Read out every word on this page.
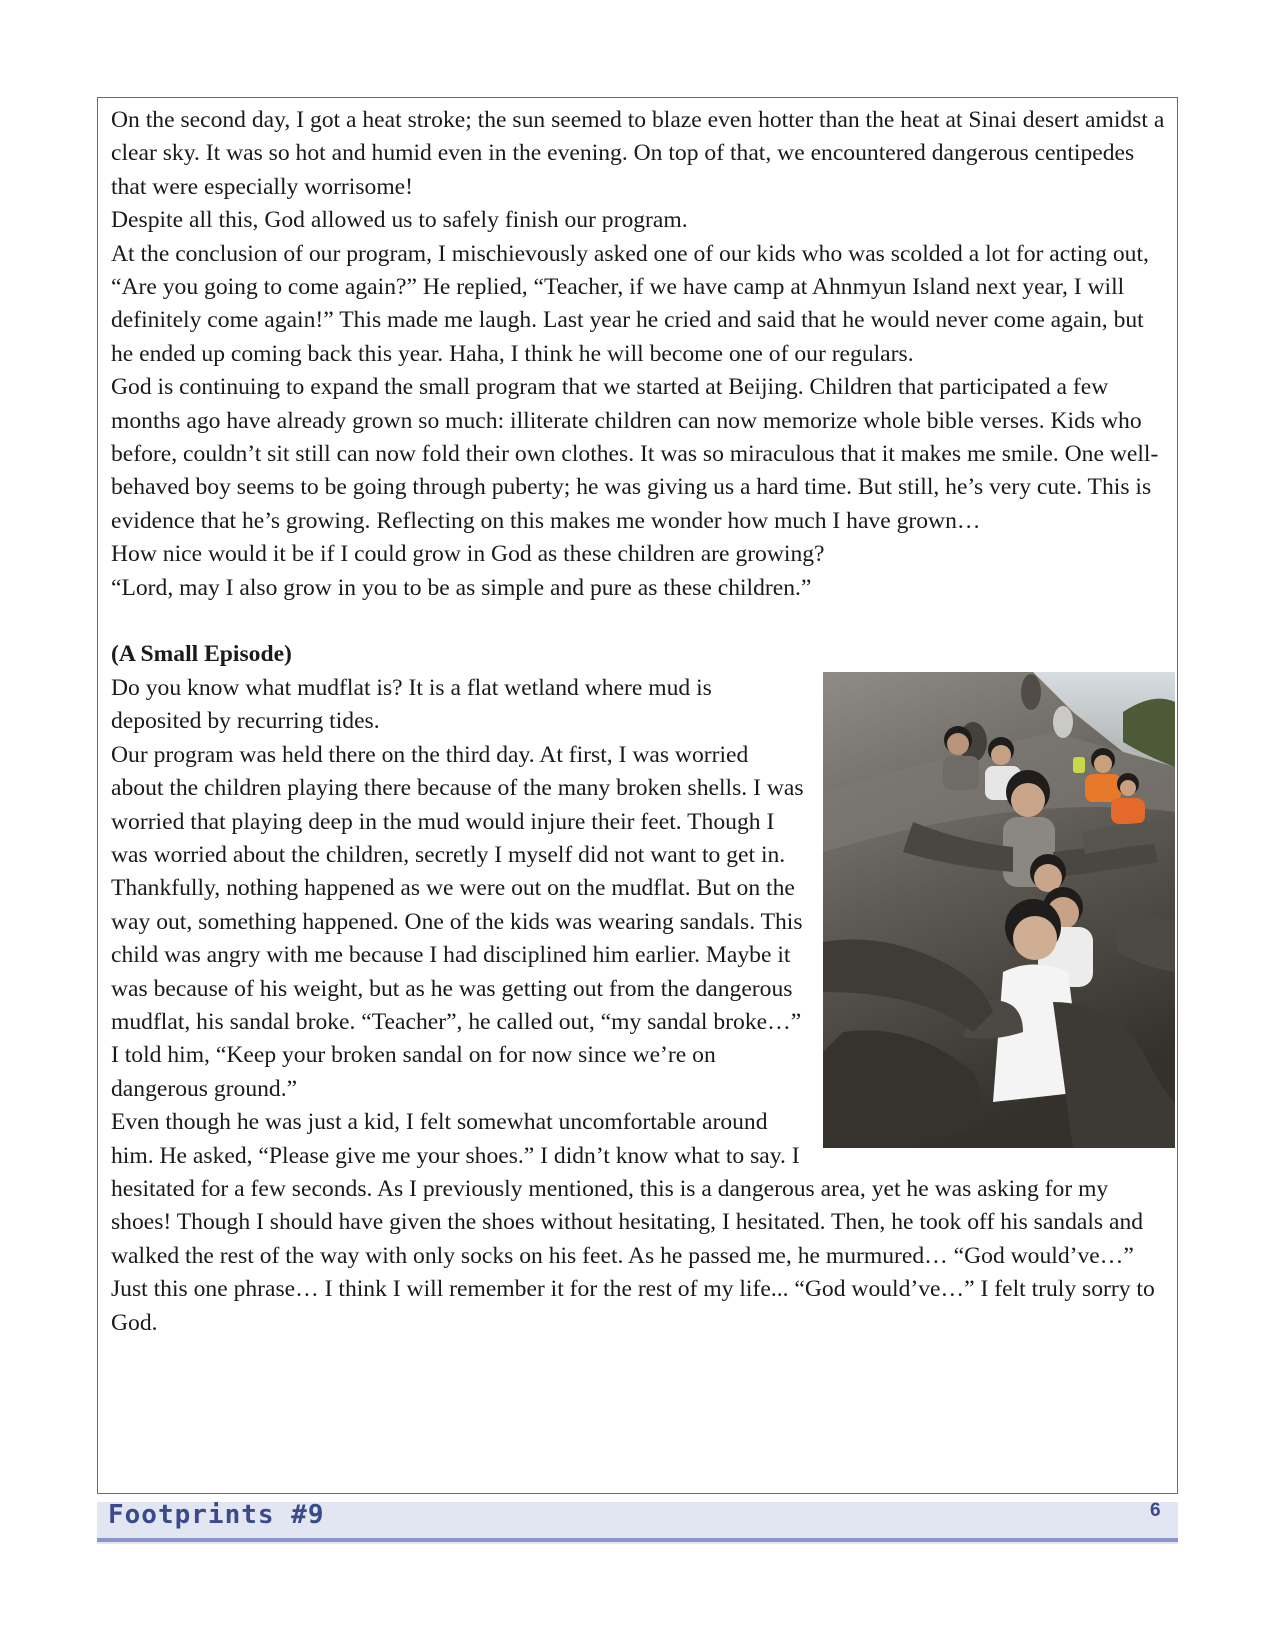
On the second day, I got a heat stroke; the sun seemed to blaze even hotter than the heat at Sinai desert amidst a clear sky. It was so hot and humid even in the evening. On top of that, we encountered dangerous centipedes that were especially worrisome!

Despite all this, God allowed us to safely finish our program.

At the conclusion of our program, I mischievously asked one of our kids who was scolded a lot for acting out, “Are you going to come again?” He replied, “Teacher, if we have camp at Ahnmyun Island next year, I will definitely come again!” This made me laugh. Last year he cried and said that he would never come again, but he ended up coming back this year. Haha, I think he will become one of our regulars.

God is continuing to expand the small program that we started at Beijing. Children that participated a few months ago have already grown so much: illiterate children can now memorize whole bible verses. Kids who before, couldn’t sit still can now fold their own clothes. It was so miraculous that it makes me smile. One well-behaved boy seems to be going through puberty; he was giving us a hard time. But still, he’s very cute. This is evidence that he’s growing. Reflecting on this makes me wonder how much I have grown…

How nice would it be if I could grow in God as these children are growing?

“Lord, may I also grow in you to be as simple and pure as these children.”

(A Small Episode)

Do you know what mudflat is? It is a flat wetland where mud is deposited by recurring tides.

Our program was held there on the third day. At first, I was worried about the children playing there because of the many broken shells. I was worried that playing deep in the mud would injure their feet. Though I was worried about the children, secretly I myself did not want to get in. Thankfully, nothing happened as we were out on the mudflat. But on the way out, something happened. One of the kids was wearing sandals. This child was angry with me because I had disciplined him earlier. Maybe it was because of his weight, but as he was getting out from the dangerous mudflat, his sandal broke. “Teacher”, he called out, “my sandal broke…” I told him, “Keep your broken sandal on for now since we’re on dangerous ground.”

Even though he was just a kid, I felt somewhat uncomfortable around him. He asked, “Please give me your shoes.” I didn’t know what to say. I hesitated for a few seconds. As I previously mentioned, this is a dangerous area, yet he was asking for my shoes! Though I should have given the shoes without hesitating, I hesitated. Then, he took off his sandals and walked the rest of the way with only socks on his feet. As he passed me, he murmured… “God would’ve…” Just this one phrase… I think I will remember it for the rest of my life... “God would’ve…” I felt truly sorry to God.

Footprints #9	6
